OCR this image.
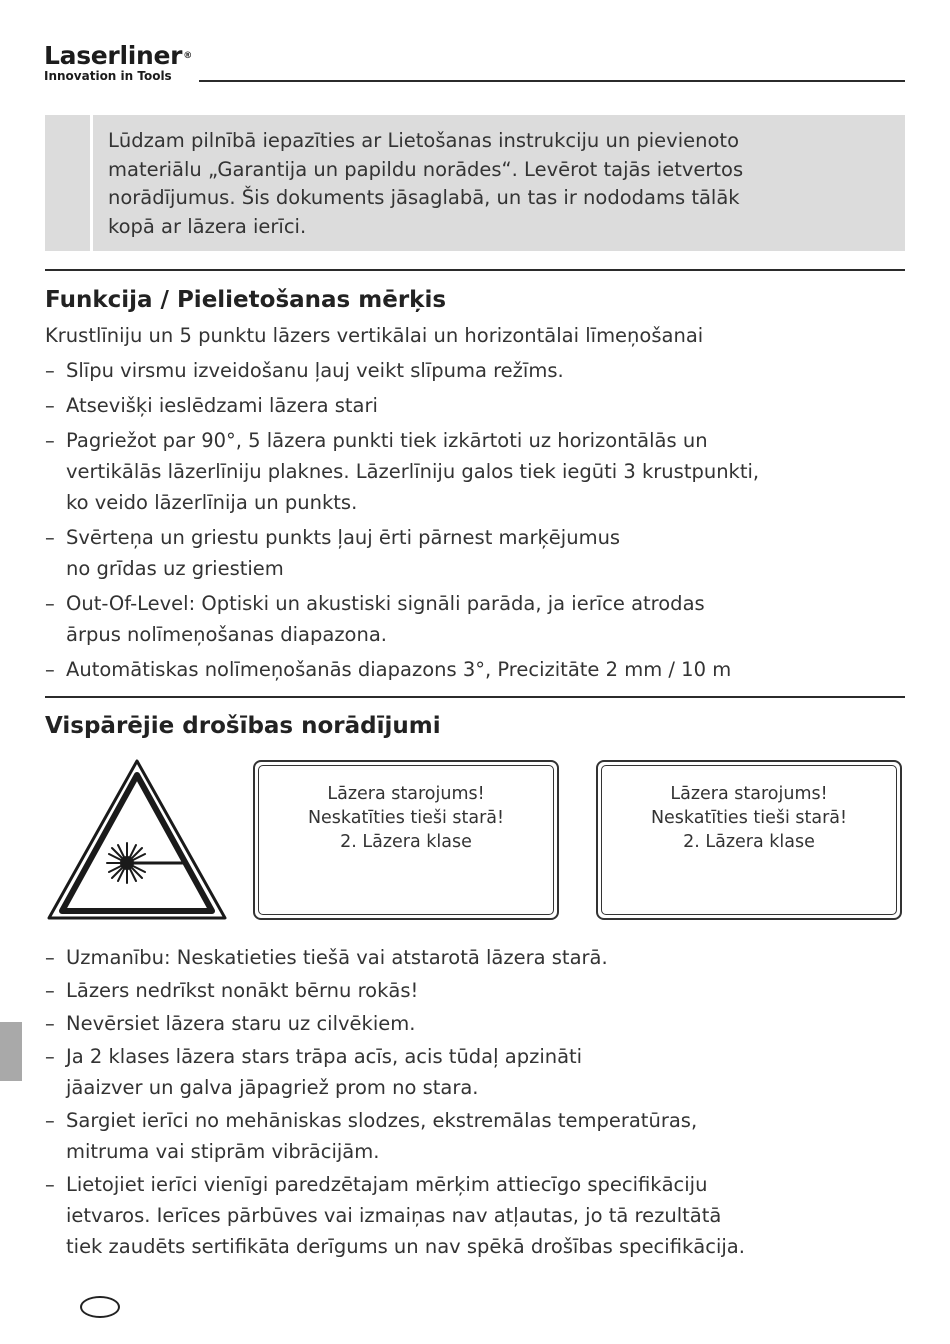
Laserliner®
Innovation in Tools

Lūdzam pilnībā iepazīties ar Lietošanas instrukciju un pievienoto
materiālu „Garantija un papildu norādes“. Levērot tajās ietvertos
norādījumus. Šis dokuments jāsaglabā, un tas ir nododams tālāk
kopā ar lāzera ierīci.

Funkcija / Pielietošanas mērķis

Krustlīniju un 5 punktu lāzers vertikālai un horizontālai līmeņošanai

– Slīpu virsmu izveidošanu ļauj veikt slīpuma režīms.
– Atsevišķi ieslēdzami lāzera stari
– Pagriežot par 90°, 5 lāzera punkti tiek izkārtoti uz horizontālās un
vertikālās lāzerlīniju plaknes. Lāzerlīniju galos tiek iegūti 3 krustpunkti,
ko veido lāzerlīnija un punkts.
– Svērteņa un griestu punkts ļauj ērti pārnest marķējumus
no grīdas uz griestiem
– Out-Of-Level: Optiski un akustiski signāli parāda, ja ierīce atrodas
ārpus nolīmeņošanas diapazona.
– Automātiskas nolīmeņošanās diapazons 3°, Precizitāte 2 mm / 10 m
Vispārējie drošības norādījumi
Lāzera starojums!
Neskatīties tieši starā!
2. Lāzera klase
Lāzera starojums!
Neskatīties tieši starā!
2. Lāzera klase
– Uzmanību: Neskatieties tiešā vai atstarotā lāzera starā.
– Lāzers nedrīkst nonākt bērnu rokās!
– Nevērsiet lāzera staru uz cilvēkiem.
– Ja 2 klases lāzera stars trāpa acīs, acis tūdaļ apzināti
jāaizver un galva jāpagriež prom no stara.
– Sargiet ierīci no mehāniskas slodzes, ekstremālas temperatūras,
mitruma vai stiprām vibrācijām.
– Lietojiet ierīci vienīgi paredzētajam mērķim attiecīgo specifikāciju
ietvaros. Ierīces pārbūves vai izmaiņas nav atļautas, jo tā rezultātā
tiek zaudēts sertifikāta derīgums un nav spēkā drošības specifikācija.
